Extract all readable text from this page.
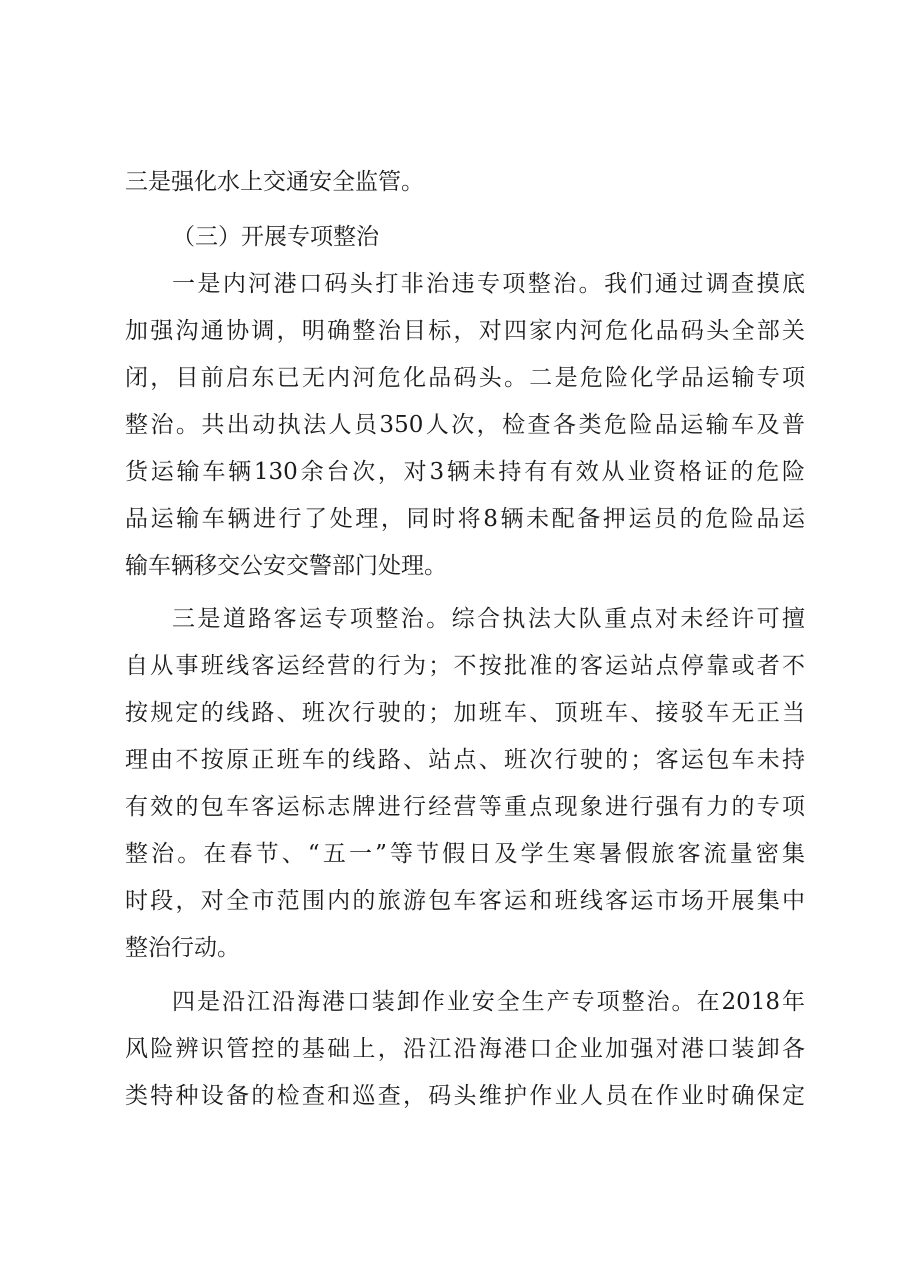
三是强化水上交通安全监管。
（三）开展专项整治
一是内河港口码头打非治违专项整治。我们通过调查摸底
加强沟通协调，明确整治目标，对四家内河危化品码头全部关
闭，目前启东已无内河危化品码头。二是危险化学品运输专项
整治。共出动执法人员350人次，检查各类危险品运输车及普
货运输车辆130余台次，对3辆未持有有效从业资格证的危险
品运输车辆进行了处理，同时将8辆未配备押运员的危险品运
输车辆移交公安交警部门处理。
三是道路客运专项整治。综合执法大队重点对未经许可擅
自从事班线客运经营的行为；不按批准的客运站点停靠或者不
按规定的线路、班次行驶的；加班车、顶班车、接驳车无正当
理由不按原正班车的线路、站点、班次行驶的；客运包车未持
有效的包车客运标志牌进行经营等重点现象进行强有力的专项
整治。在春节、“五一”等节假日及学生寒暑假旅客流量密集
时段，对全市范围内的旅游包车客运和班线客运市场开展集中
整治行动。
四是沿江沿海港口装卸作业安全生产专项整治。在2018年
风险辨识管控的基础上，沿江沿海港口企业加强对港口装卸各
类特种设备的检查和巡查，码头维护作业人员在作业时确保定
